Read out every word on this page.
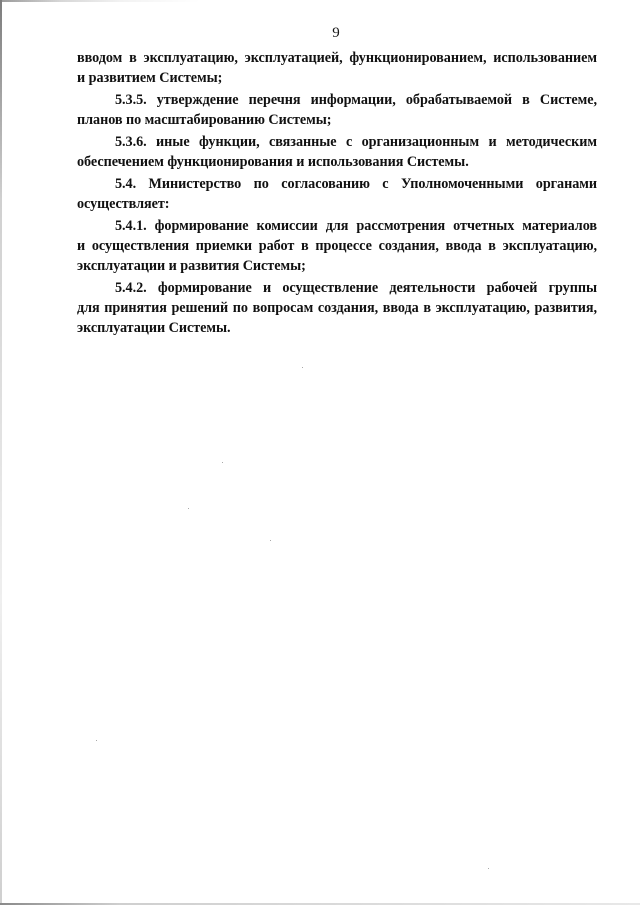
9

вводом в эксплуатацию, эксплуатацией, функционированием, использованием
и развитием Системы;

5.3.5. утверждение перечня информации, обрабатываемой в Системе,
планов по масштабированию Системы;

5.3.6. иные функции, связанные с организационным и методическим
обеспечением функционирования и использования Системы.

5.4. Министерство по согласованию с Уполномоченными органами
осуществляет:

5.4.1. формирование комиссии для рассмотрения отчетных материалов
и осуществления приемки работ в процессе создания, ввода в эксплуатацию,
эксплуатации и развития Системы;

5.4.2. формирование и осуществление деятельности рабочей группы
для принятия решений по вопросам создания, ввода в эксплуатацию, развития,
эксплуатации Системы.
